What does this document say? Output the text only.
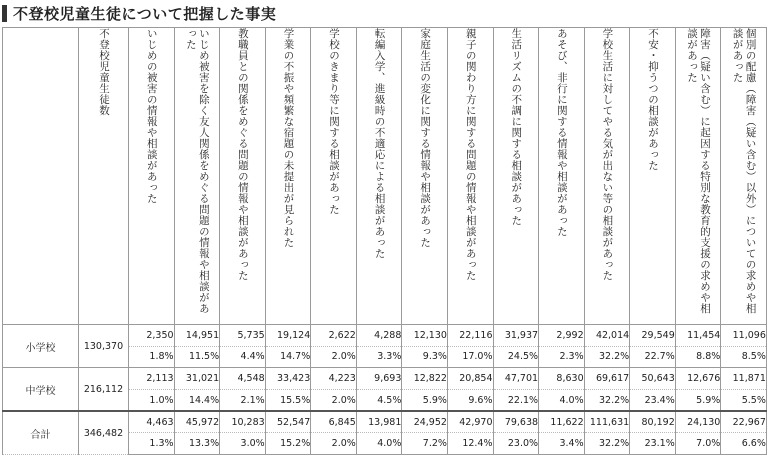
不登校児童生徒について把握した事実
	不登校児童生徒数	いじめの被害の情報や相談があった	いじめ被害を除く友人関係をめぐる問題の情報や相談があった	教職員との関係をめぐる問題の情報や相談があった	学業の不振や頻繁な宿題の未提出が見られた	学校のきまり等に関する相談があった	転編入学、進級時の不適応による相談があった	家庭生活の変化に関する情報や相談があった	親子の関わり方に関する問題の情報や相談があった	生活リズムの不調に関する相談があった	あそび、非行に関する情報や相談があった	学校生活に対してやる気が出ない等の相談があった	不安・抑うつの相談があった	障害（疑い含む）に起因する特別な教育的支援の求めや相談があった	個別の配慮（障害（疑い含む）以外）についての求めや相談があった
小学校	130,370	2,350	14,951	5,735	19,124	2,622	4,288	12,130	22,116	31,937	2,992	42,014	29,549	11,454	11,096
		1.8%	11.5%	4.4%	14.7%	2.0%	3.3%	9.3%	17.0%	24.5%	2.3%	32.2%	22.7%	8.8%	8.5%
中学校	216,112	2,113	31,021	4,548	33,423	4,223	9,693	12,822	20,854	47,701	8,630	69,617	50,643	12,676	11,871
		1.0%	14.4%	2.1%	15.5%	2.0%	4.5%	5.9%	9.6%	22.1%	4.0%	32.2%	23.4%	5.9%	5.5%
合計	346,482	4,463	45,972	10,283	52,547	6,845	13,981	24,952	42,970	79,638	11,622	111,631	80,192	24,130	22,967
		1.3%	13.3%	3.0%	15.2%	2.0%	4.0%	7.2%	12.4%	23.0%	3.4%	32.2%	23.1%	7.0%	6.6%
